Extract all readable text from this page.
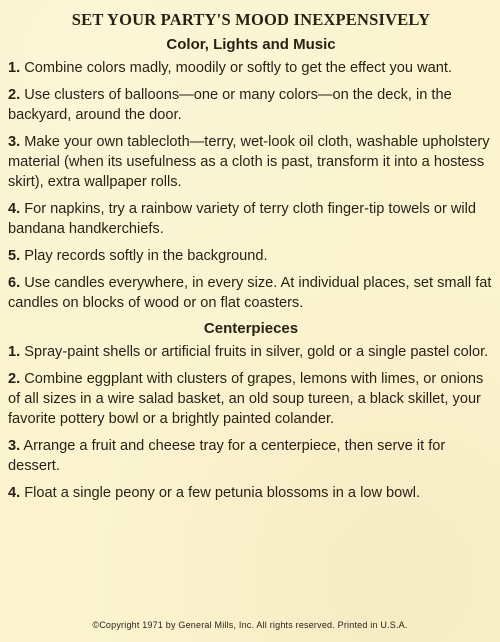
SET YOUR PARTY'S MOOD INEXPENSIVELY
Color, Lights and Music

1. Combine colors madly, moodily or softly to get the effect you want.

2. Use clusters of balloons—one or many colors—on the deck, in the backyard, around the door.

3. Make your own tablecloth—terry, wet-look oil cloth, washable upholstery material (when its usefulness as a cloth is past, transform it into a hostess skirt), extra wallpaper rolls.

4. For napkins, try a rainbow variety of terry cloth finger-tip towels or wild bandana handkerchiefs.

5. Play records softly in the background.

6. Use candles everywhere, in every size. At individual places, set small fat candles on blocks of wood or on flat coasters.

Centerpieces

1. Spray-paint shells or artificial fruits in silver, gold or a single pastel color.

2. Combine eggplant with clusters of grapes, lemons with limes, or onions of all sizes in a wire salad basket, an old soup tureen, a black skillet, your favorite pottery bowl or a brightly painted colander.

3. Arrange a fruit and cheese tray for a centerpiece, then serve it for dessert.

4. Float a single peony or a few petunia blossoms in a low bowl.

©Copyright 1971 by General Mills, Inc. All rights reserved. Printed in U.S.A.
